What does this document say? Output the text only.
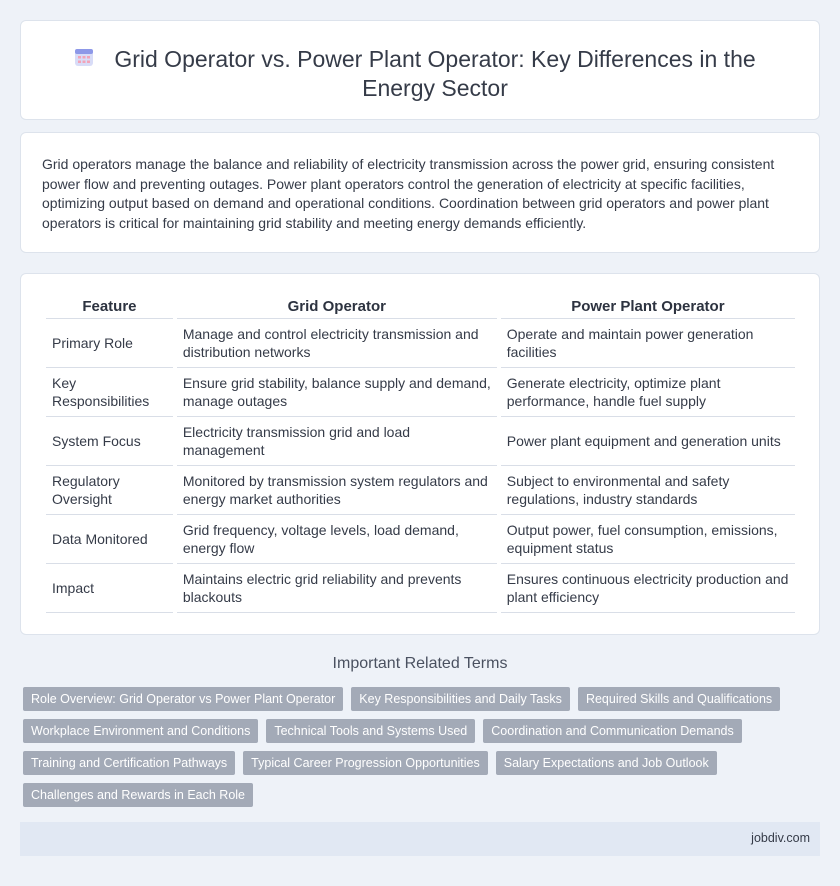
Grid Operator vs. Power Plant Operator: Key Differences in the Energy Sector

Grid operators manage the balance and reliability of electricity transmission across the power grid, ensuring consistent power flow and preventing outages. Power plant operators control the generation of electricity at specific facilities, optimizing output based on demand and operational conditions. Coordination between grid operators and power plant operators is critical for maintaining grid stability and meeting energy demands efficiently.

Feature	Grid Operator	Power Plant Operator
Primary Role	Manage and control electricity transmission and distribution networks	Operate and maintain power generation facilities
Key Responsibilities	Ensure grid stability, balance supply and demand, manage outages	Generate electricity, optimize plant performance, handle fuel supply
System Focus	Electricity transmission grid and load management	Power plant equipment and generation units
Regulatory Oversight	Monitored by transmission system regulators and energy market authorities	Subject to environmental and safety regulations, industry standards
Data Monitored	Grid frequency, voltage levels, load demand, energy flow	Output power, fuel consumption, emissions, equipment status
Impact	Maintains electric grid reliability and prevents blackouts	Ensures continuous electricity production and plant efficiency
Important Related Terms
Role Overview: Grid Operator vs Power Plant Operator	Key Responsibilities and Daily Tasks	Required Skills and Qualifications
Workplace Environment and Conditions	Technical Tools and Systems Used	Coordination and Communication Demands
Training and Certification Pathways	Typical Career Progression Opportunities	Salary Expectations and Job Outlook
Challenges and Rewards in Each Role
jobdiv.com
